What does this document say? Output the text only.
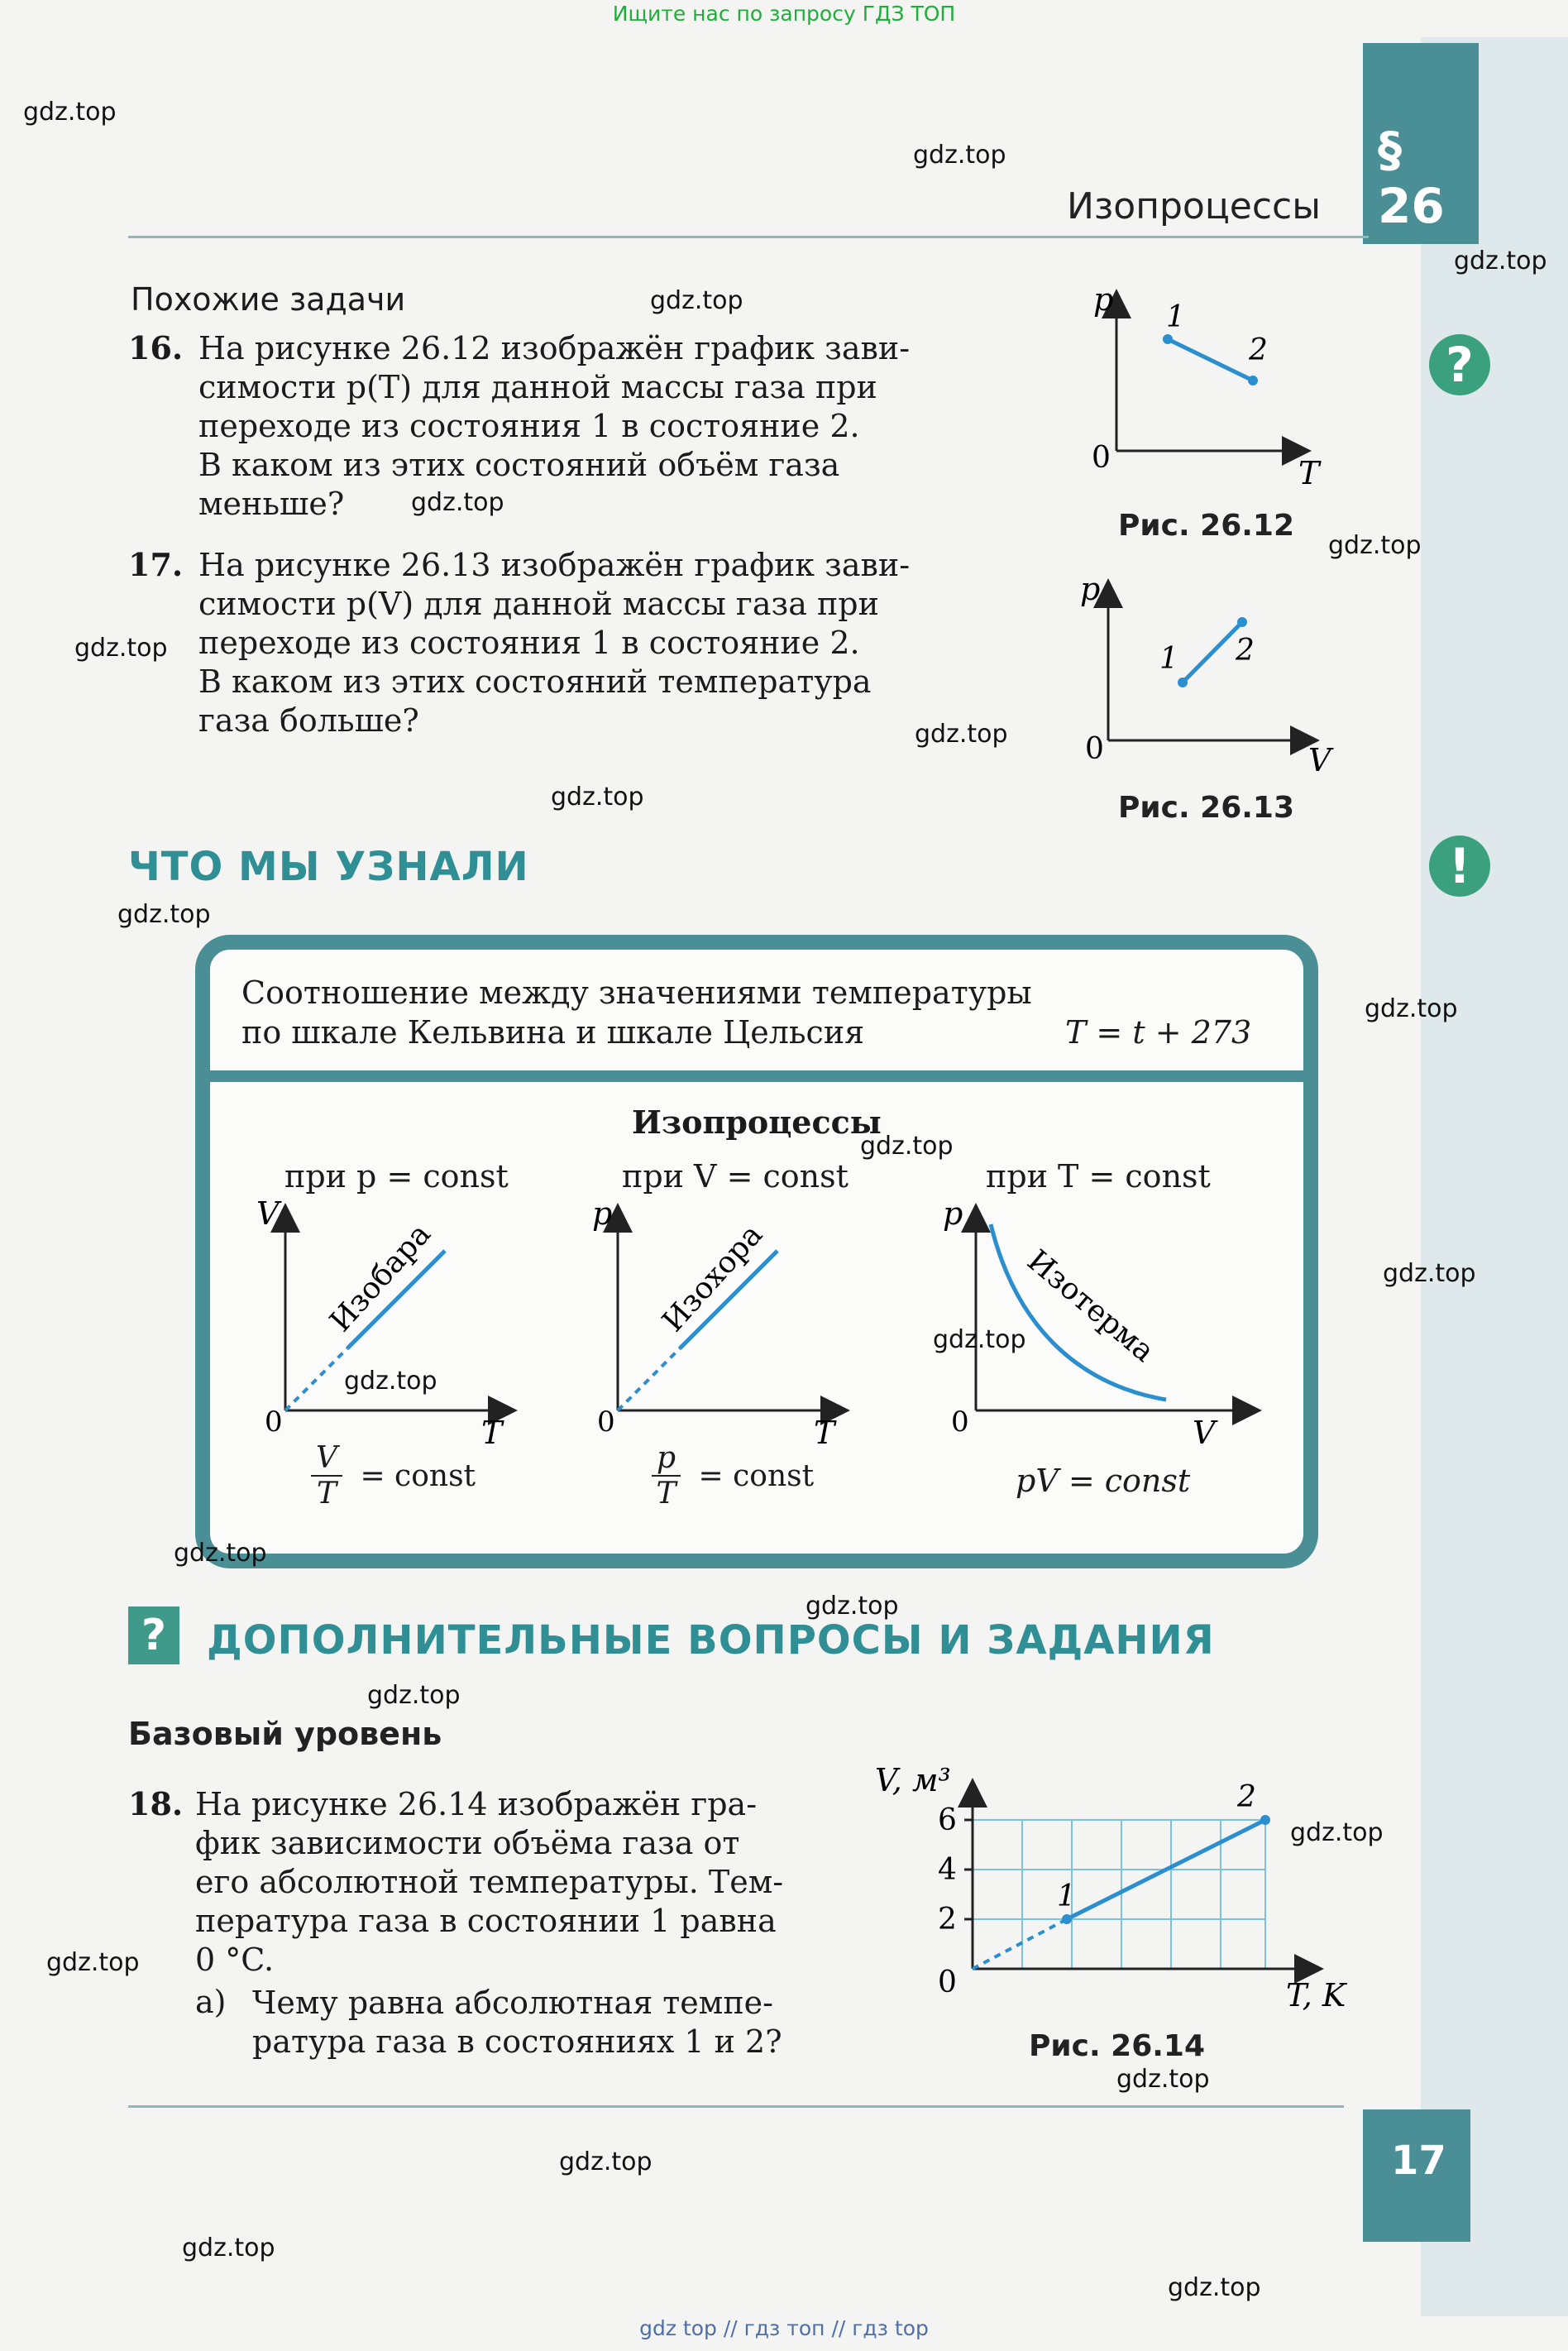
Ищите нас по запросу ГДЗ ТОП
gdz top // гдз топ // гдз top
§ 26
Изопроцессы
?
!
Похожие задачи
16. На рисунке 26.12 изображён график зави-
симости p(T) для данной массы газа при
переходе из состояния 1 в состояние 2.
В каком из этих состояний объём газа
меньше?
17. На рисунке 26.13 изображён график зави-
симости p(V) для данной массы газа при
переходе из состояния 1 в состояние 2.
В каком из этих состояний температура
газа больше?
p
T
0
1
2
Рис. 26.12
p
V
0
1 2
Рис. 26.13
ЧТО МЫ УЗНАЛИ
Соотношение между значениями температуры
по шкале Кельвина и шкале Цельсия	T = t + 273
Изопроцессы
при p = const
V
T
0
Изобара
$\frac{V}{T}$ = const
при V = const
p
T
0
Изохора
$\frac{p}{T}$ = const
при T = const
p
V
0
Изотерма
pV = const
?	ДОПОЛНИТЕЛЬНЫЕ ВОПРОСЫ И ЗАДАНИЯ
Базовый уровень
18. На рисунке 26.14 изображён гра-
фик зависимости объёма газа от
его абсолютной температуры. Тем-
пература газа в состоянии 1 равна
0 °C.
а) Чему равна абсолютная темпе-
ратура газа в состояниях 1 и 2?
V, м³
T, K
0
2
4
6
1
2
Рис. 26.14
17
gdz.top
gdz.top
gdz.top
gdz.top
gdz.top
gdz.top
gdz.top
gdz.top
gdz.top
gdz.top
gdz.top
gdz.top
gdz.top
gdz.top
gdz.top
gdz.top
gdz.top
gdz.top
gdz.top
gdz.top
gdz.top
gdz.top
gdz.top
gdz.top
